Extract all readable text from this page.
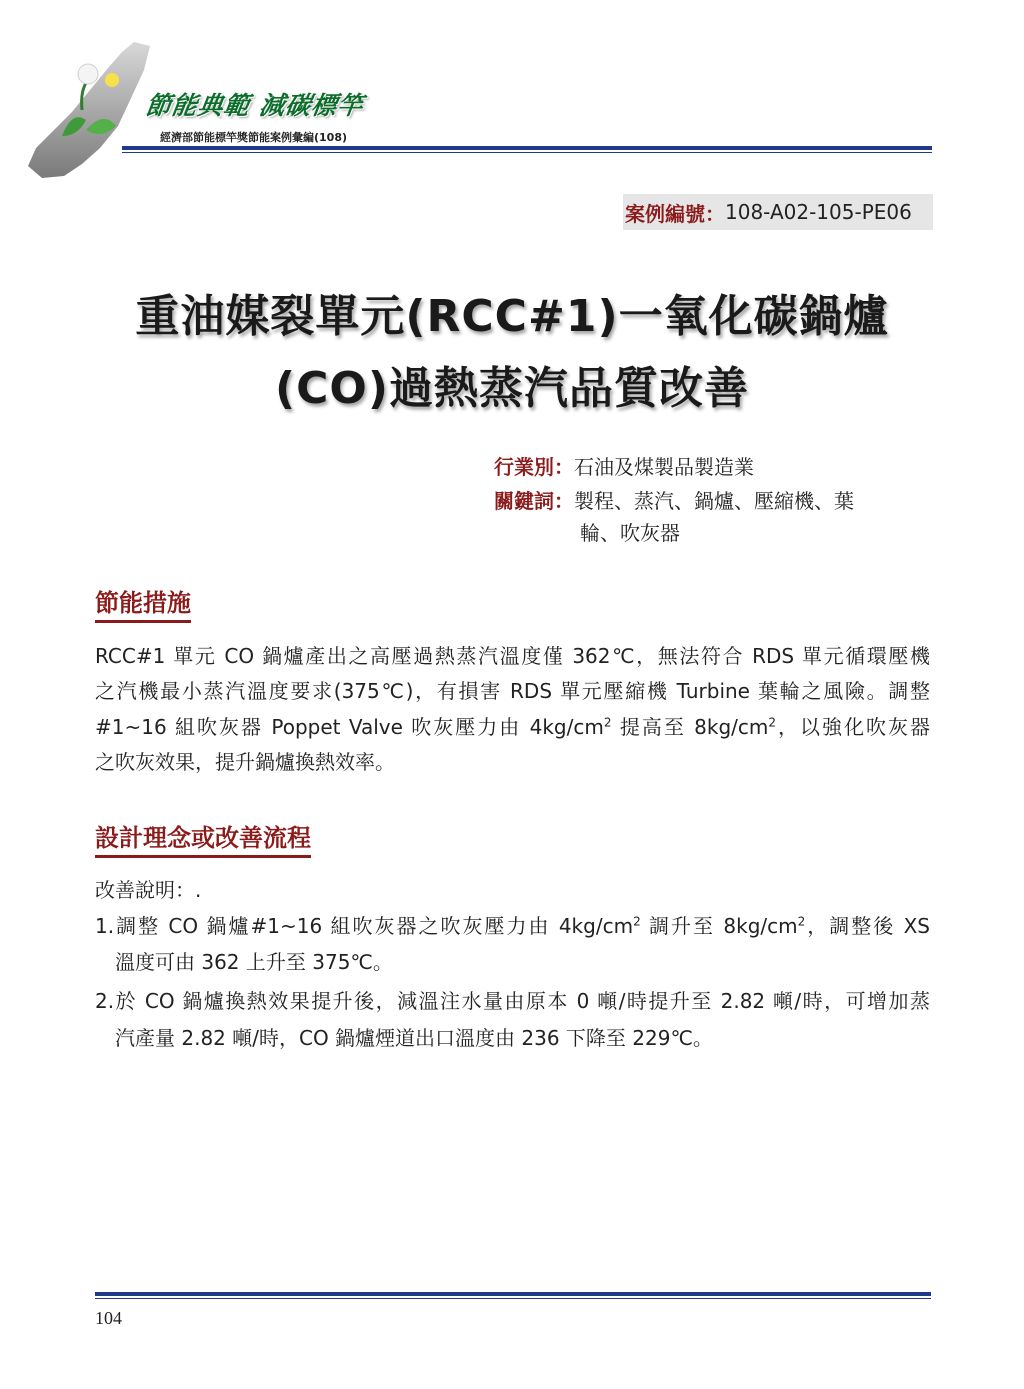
節能典範 減碳標竿
經濟部節能標竿獎節能案例彙編(108)
案例編號： 108-A02-105-PE06
重油媒裂單元(RCC#1)一氧化碳鍋爐
(CO)過熱蒸汽品質改善
行業別：石油及煤製品製造業
關鍵詞：製程、蒸汽、鍋爐、壓縮機、葉
輪、吹灰器
節能措施
RCC#1 單元 CO 鍋爐產出之高壓過熱蒸汽溫度僅 362℃，無法符合 RDS 單元循環壓機
之汽機最小蒸汽溫度要求(375℃)，有損害 RDS 單元壓縮機 Turbine 葉輪之風險。調整
#1~16 組吹灰器 Poppet Valve 吹灰壓力由 $4kg/cm^2$ 提高至 $8kg/cm^2$，以強化吹灰器
之吹灰效果，提升鍋爐換熱效率。
設計理念或改善流程
改善說明：.
1.調整 CO 鍋爐#1~16 組吹灰器之吹灰壓力由 $4kg/cm^2$ 調升至 $8kg/cm^2$，調整後 XS
溫度可由 362 上升至 375℃。
2.於 CO 鍋爐換熱效果提升後，減溫注水量由原本 0 噸/時提升至 2.82 噸/時，可增加蒸
汽產量 2.82 噸/時，CO 鍋爐煙道出口溫度由 236 下降至 229℃。
104
